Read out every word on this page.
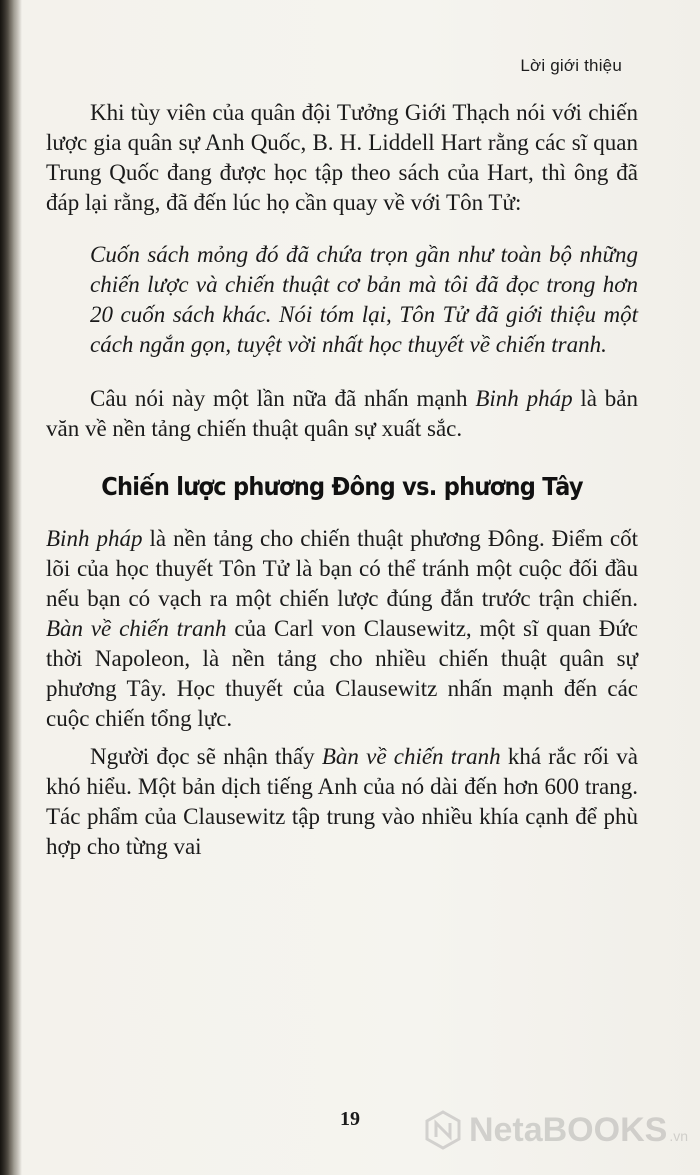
Lời giới thiệu

Khi tùy viên của quân đội Tưởng Giới Thạch nói với chiến lược gia quân sự Anh Quốc, B. H. Liddell Hart rằng các sĩ quan Trung Quốc đang được học tập theo sách của Hart, thì ông đã đáp lại rằng, đã đến lúc họ cần quay về với Tôn Tử:

Cuốn sách mỏng đó đã chứa trọn gần như toàn bộ những chiến lược và chiến thuật cơ bản mà tôi đã đọc trong hơn 20 cuốn sách khác. Nói tóm lại, Tôn Tử đã giới thiệu một cách ngắn gọn, tuyệt vời nhất học thuyết về chiến tranh.

Câu nói này một lần nữa đã nhấn mạnh Binh pháp là bản văn về nền tảng chiến thuật quân sự xuất sắc.

Chiến lược phương Đông vs. phương Tây

Binh pháp là nền tảng cho chiến thuật phương Đông. Điểm cốt lõi của học thuyết Tôn Tử là bạn có thể tránh một cuộc đối đầu nếu bạn có vạch ra một chiến lược đúng đắn trước trận chiến. Bàn về chiến tranh của Carl von Clausewitz, một sĩ quan Đức thời Napoleon, là nền tảng cho nhiều chiến thuật quân sự phương Tây. Học thuyết của Clausewitz nhấn mạnh đến các cuộc chiến tổng lực.

Người đọc sẽ nhận thấy Bàn về chiến tranh khá rắc rối và khó hiểu. Một bản dịch tiếng Anh của nó dài đến hơn 600 trang. Tác phẩm của Clausewitz tập trung vào nhiều khía cạnh để phù hợp cho từng vai

19	NetaBOOKS .vn
